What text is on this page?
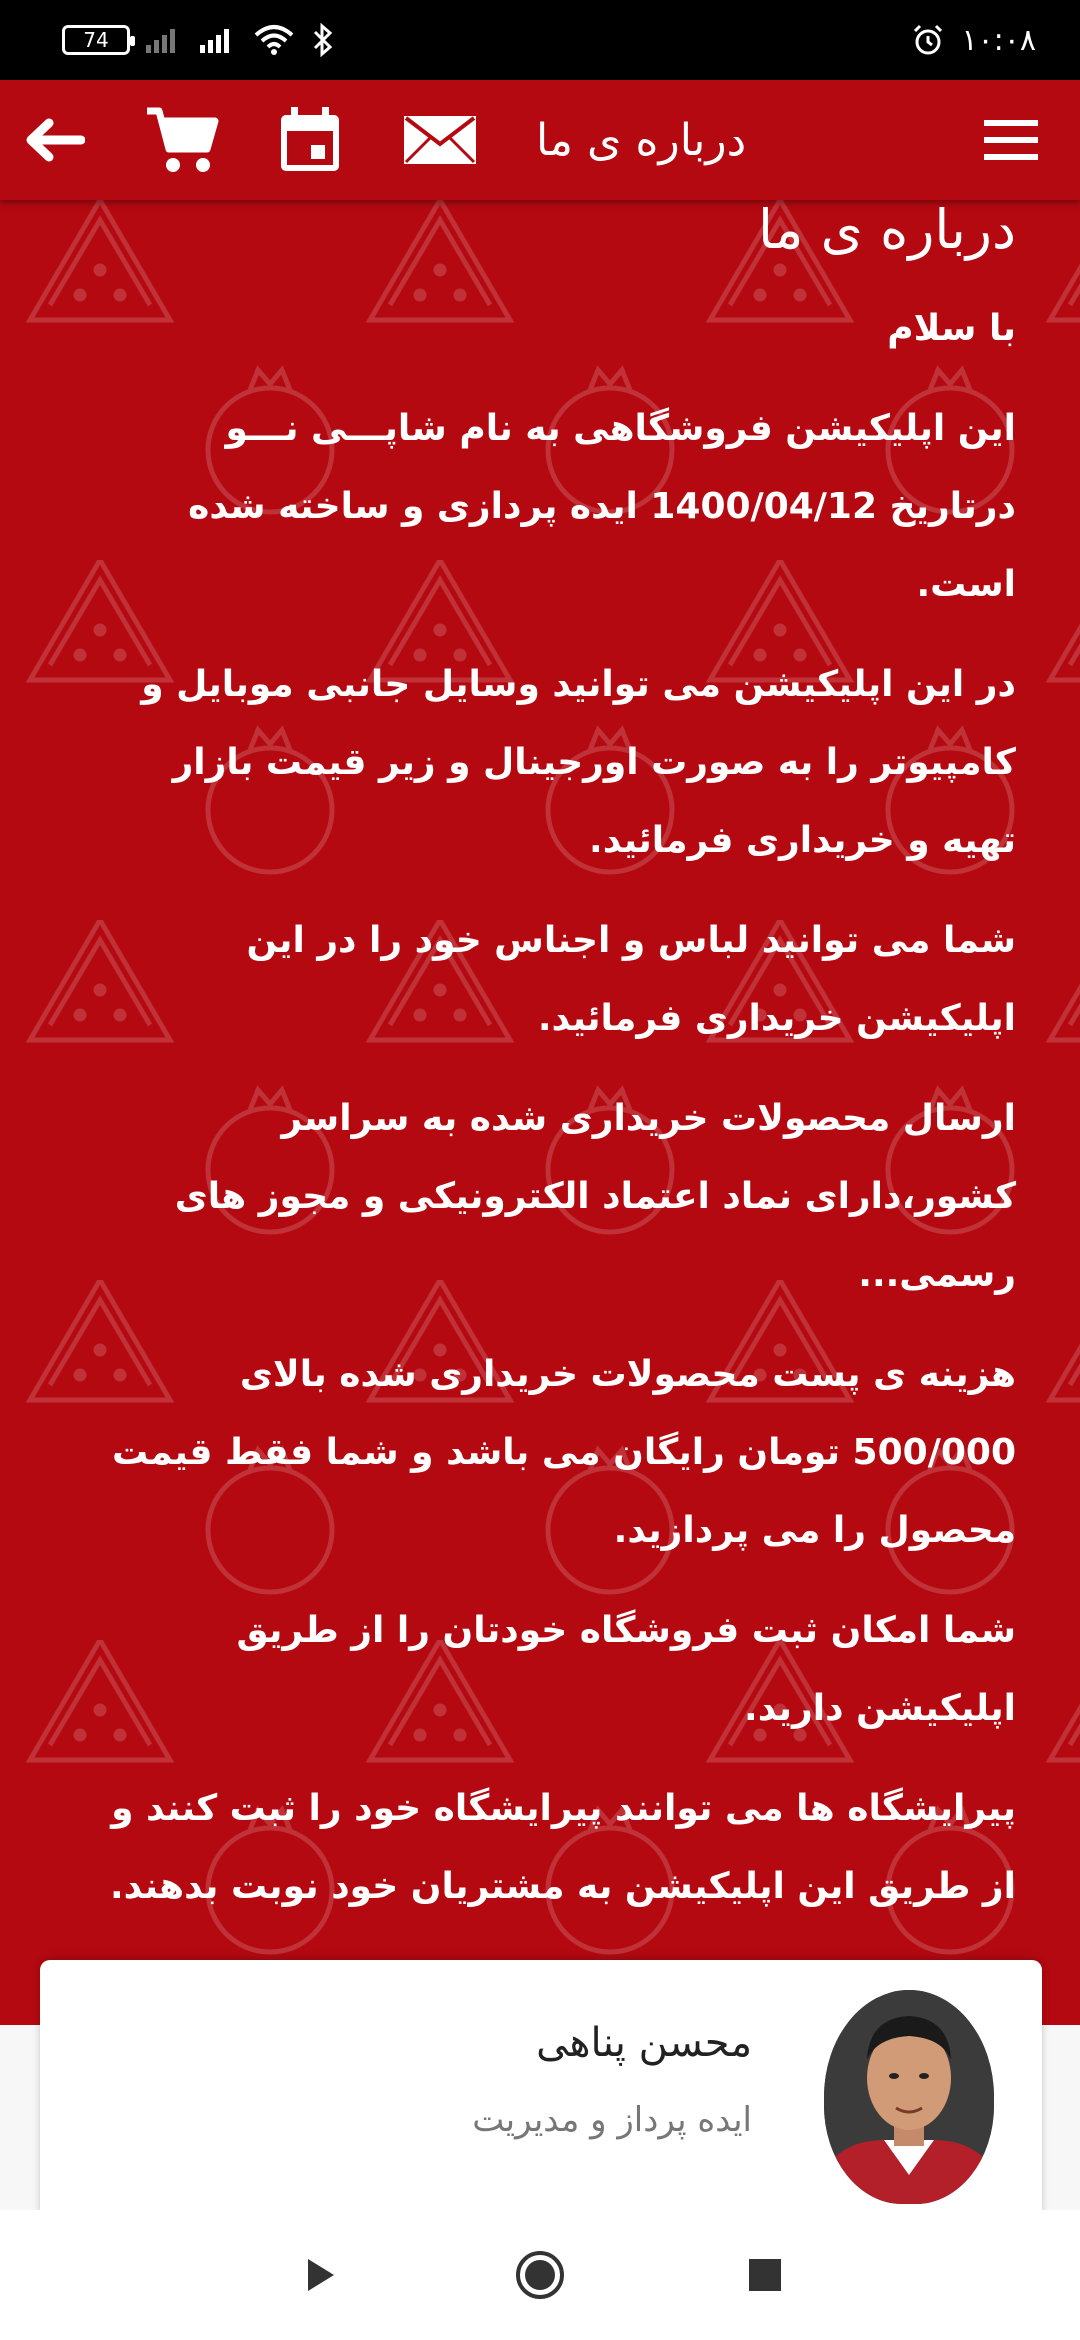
74	۱۰:۰۸
درباره ی ما
درباره ی ما
با سلام
این اپلیکیشن فروشگاهی به نام شاپـــی نـــو درتاریخ 1400/04/12 ایده پردازی و ساخته شده است.
در این اپلیکیشن می توانید وسایل جانبی موبایل و کامپیوتر را به صورت اورجینال و زیر قیمت بازار تهیه و خریداری فرمائید.
شما می توانید لباس و اجناس خود را در این اپلیکیشن خریداری فرمائید.
ارسال محصولات خریداری شده به سراسر کشور،دارای نماد اعتماد الکترونیکی و مجوز های رسمی...
هزینه ی پست محصولات خریداری شده بالای 500/000 تومان رایگان می باشد و شما فقط قیمت محصول را می پردازید.
شما امکان ثبت فروشگاه خودتان را از طریق اپلیکیشن دارید.
پیرایشگاه ها می توانند پیرایشگاه خود را ثبت کنند و از طریق این اپلیکیشن به مشتریان خود نوبت بدهند.
محسن پناهی
ایده پرداز و مدیریت
